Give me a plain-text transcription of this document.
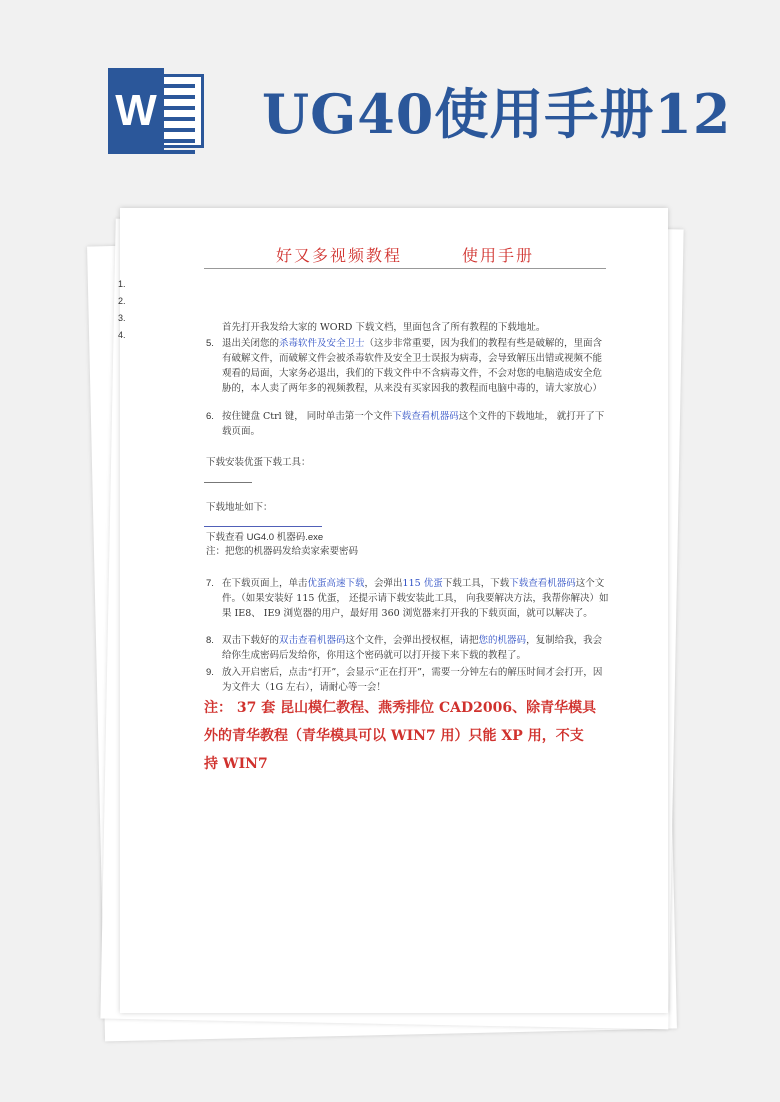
W UG40使用手册12
好又多视频教程	使用手册
1.
2.
3.
4.
首先打开我发给大家的 WORD 下载文档，里面包含了所有教程的下载地址。
5. 退出关闭您的杀毒软件及安全卫士（这步非常重要，因为我们的教程有些是破解的，里面含有破解文件，而破解文件会被杀毒软件及安全卫士误报为病毒，会导致解压出错或视频不能观看的局面，大家务必退出，我们的下载文件中不含病毒文件，不会对您的电脑造成安全危胁的，本人卖了两年多的视频教程，从来没有买家因我的教程而电脑中毒的，请大家放心）
6. 按住键盘 Ctrl 键， 同时单击第一个文件下载查看机器码这个文件的下载地址， 就打开了下载页面。
下载安装优蛋下载工具：
下载地址如下：
下载查看 UG4.0 机器码.exe
注：把您的机器码发给卖家索要密码
7. 在下载页面上，单击优蛋高速下载，会弹出115 优蛋下载工具，下载下载查看机器码这个文件。（如果安装好 115 优蛋， 还提示请下载安装此工具， 向我要解决方法，我帮你解决）如果 IE8、 IE9 浏览器的用户，最好用 360 浏览器来打开我的下载页面，就可以解决了。
8. 双击下载好的双击查看机器码这个文件，会弹出授权框，请把您的机器码，复制给我，我会给你生成密码后发给你，你用这个密码就可以打开接下来下载的教程了。
9. 放入开启密后，点击“打开”，会显示“正在打开”，需要一分钟左右的解压时间才会打开，因为文件大（1G 左右），请耐心等一会！
注： 37 套 昆山模仁教程、燕秀排位 CAD2006、除青华模具
外的青华教程（青华模具可以 WIN7 用）只能 XP 用，不支
持 WIN7
